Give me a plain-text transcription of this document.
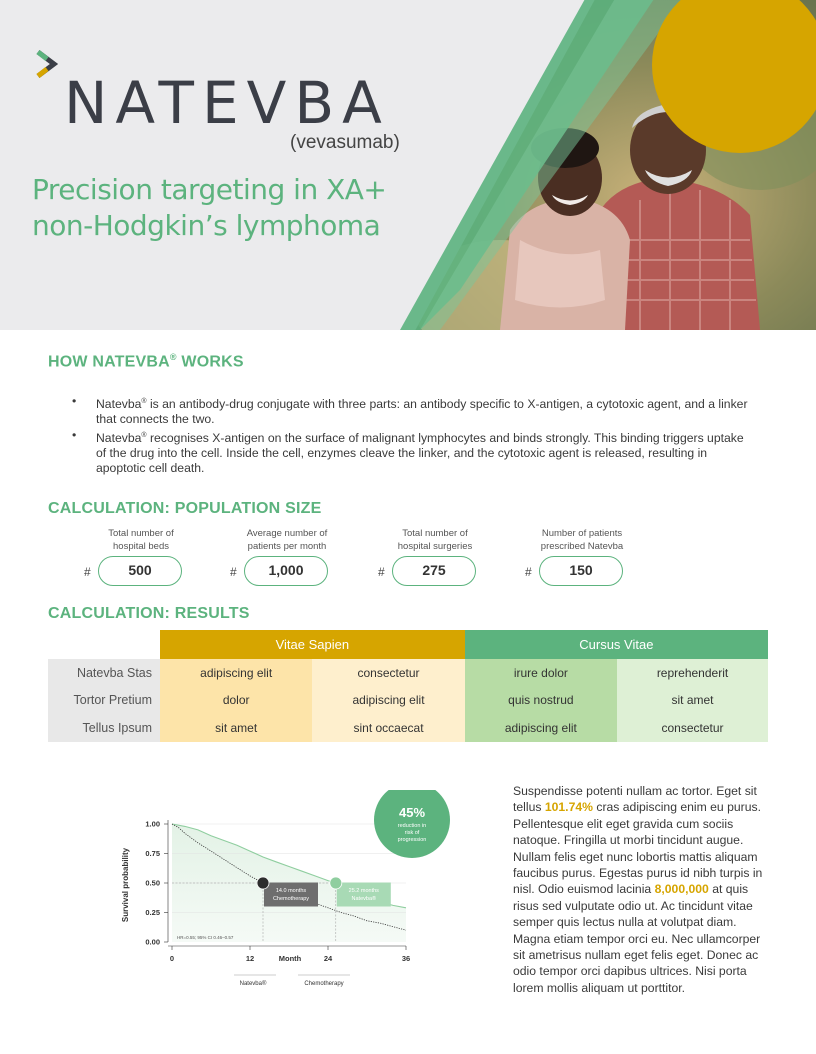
NATEVBA
(vevasumab)
Precision targeting in XA+
non-Hodgkin’s lymphoma
HOW NATEVBA® WORKS
• Natevba® is an antibody-drug conjugate with three parts: an antibody specific to X-antigen, a cytotoxic agent, and a linker that connects the two.
• Natevba® recognises X-antigen on the surface of malignant lymphocytes and binds strongly. This binding triggers uptake of the drug into the cell. Inside the cell, enzymes cleave the linker, and the cytotoxic agent is released, resulting in apoptotic cell death.
CALCULATION: POPULATION SIZE
Total number of
hospital beds
#	500
Average number of
patients per month
#	1,000
Total number of
hospital surgeries
#	275
Number of patients
prescribed Natevba
#	150
CALCULATION: RESULTS
	Vitae Sapien		Cursus Vitae	
Natevba Stas	adipiscing elit	consectetur	irure dolor	reprehenderit
Tortor Pretium	dolor	adipiscing elit	quis nostrud	sit amet
Tellus Ipsum	sit amet	sint occaecat	adipiscing elit	consectetur
0.00
0.25
0.50
0.75
1.00
0	12	24	36
14.0 months
Chemotherapy
25.2 months
Natevba®
Survival probability
Month
HR=0.55; 95% CI 0.46–0.57
45%
reduction in
risk of
progression
Natevba®	Chemotherapy
Suspendisse potenti nullam ac tortor. Eget sit tellus 101.74% cras adipiscing enim eu purus. Pellentesque elit eget gravida cum sociis natoque. Fringilla ut morbi tincidunt augue. Nullam felis eget nunc lobortis mattis aliquam faucibus purus. Egestas purus id nibh turpis in nisl. Odio euismod lacinia 8,000,000 at quis risus sed vulputate odio ut. Ac tincidunt vitae semper quis lectus nulla at volutpat diam. Magna etiam tempor orci eu. Nec ullamcorper sit ametrisus nullam eget felis eget. Donec ac odio tempor orci dapibus ultrices. Nisi porta lorem mollis aliquam ut porttitor.
